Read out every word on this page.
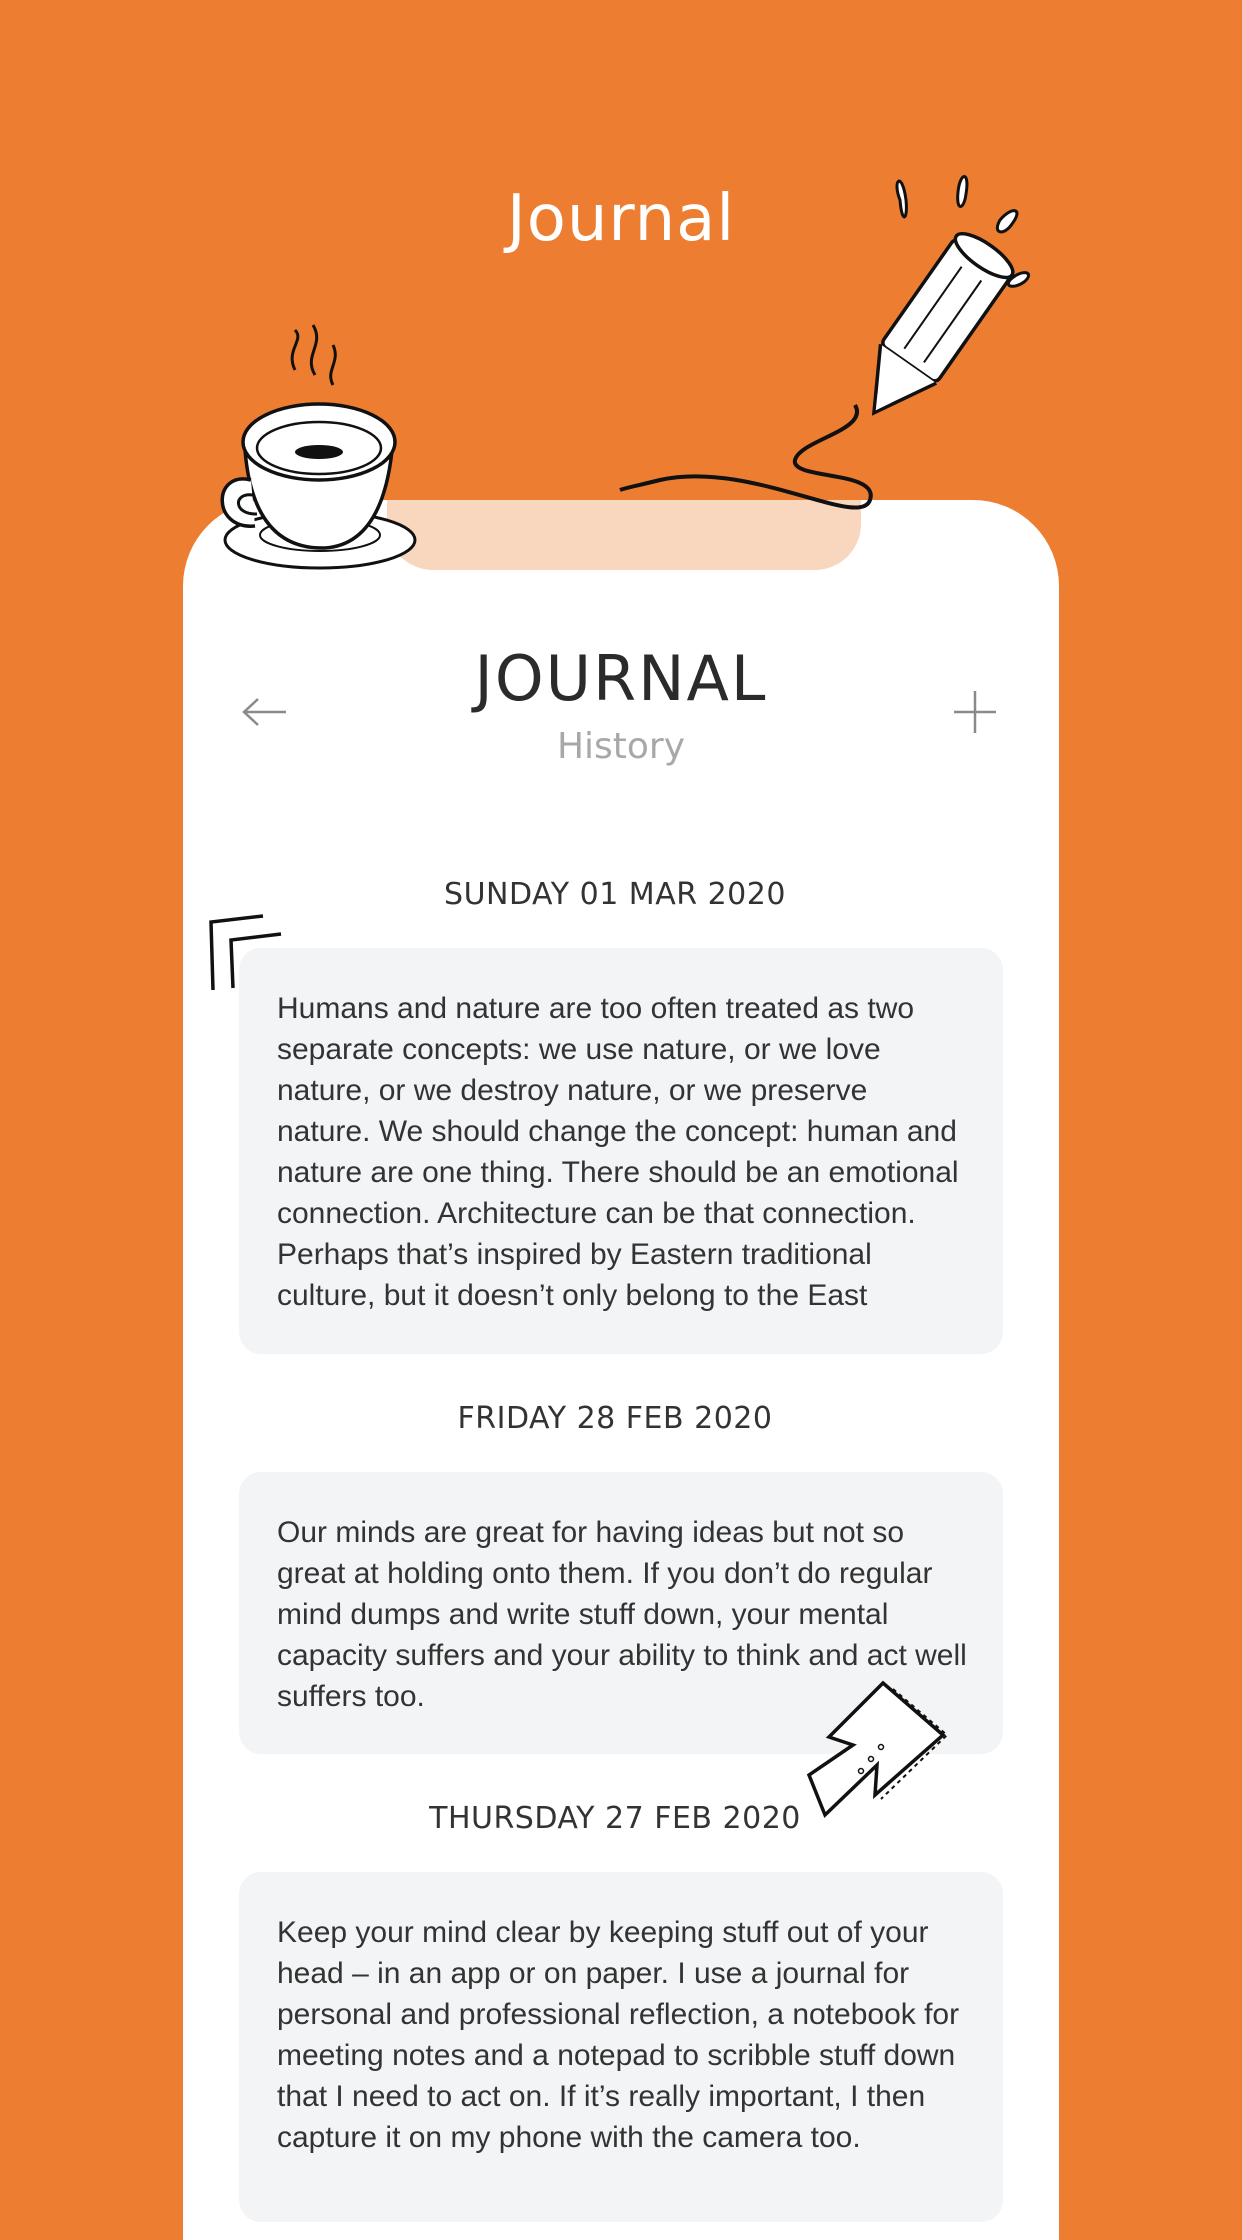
Journal
JOURNAL
History
SUNDAY 01 MAR 2020

Humans and nature are too often treated as two separate concepts: we use nature, or we love nature, or we destroy nature, or we preserve nature. We should change the concept: human and nature are one thing. There should be an emotional connection. Architecture can be that connection. Perhaps that’s inspired by Eastern traditional culture, but it doesn’t only belong to the East

FRIDAY 28 FEB 2020

Our minds are great for having ideas but not so great at holding onto them. If you don’t do regular mind dumps and write stuff down, your mental capacity suffers and your ability to think and act well suffers too.

THURSDAY 27 FEB 2020

Keep your mind clear by keeping stuff out of your head – in an app or on paper. I use a journal for personal and professional reflection, a notebook for meeting notes and a notepad to scribble stuff down that I need to act on. If it’s really important, I then capture it on my phone with the camera too.
